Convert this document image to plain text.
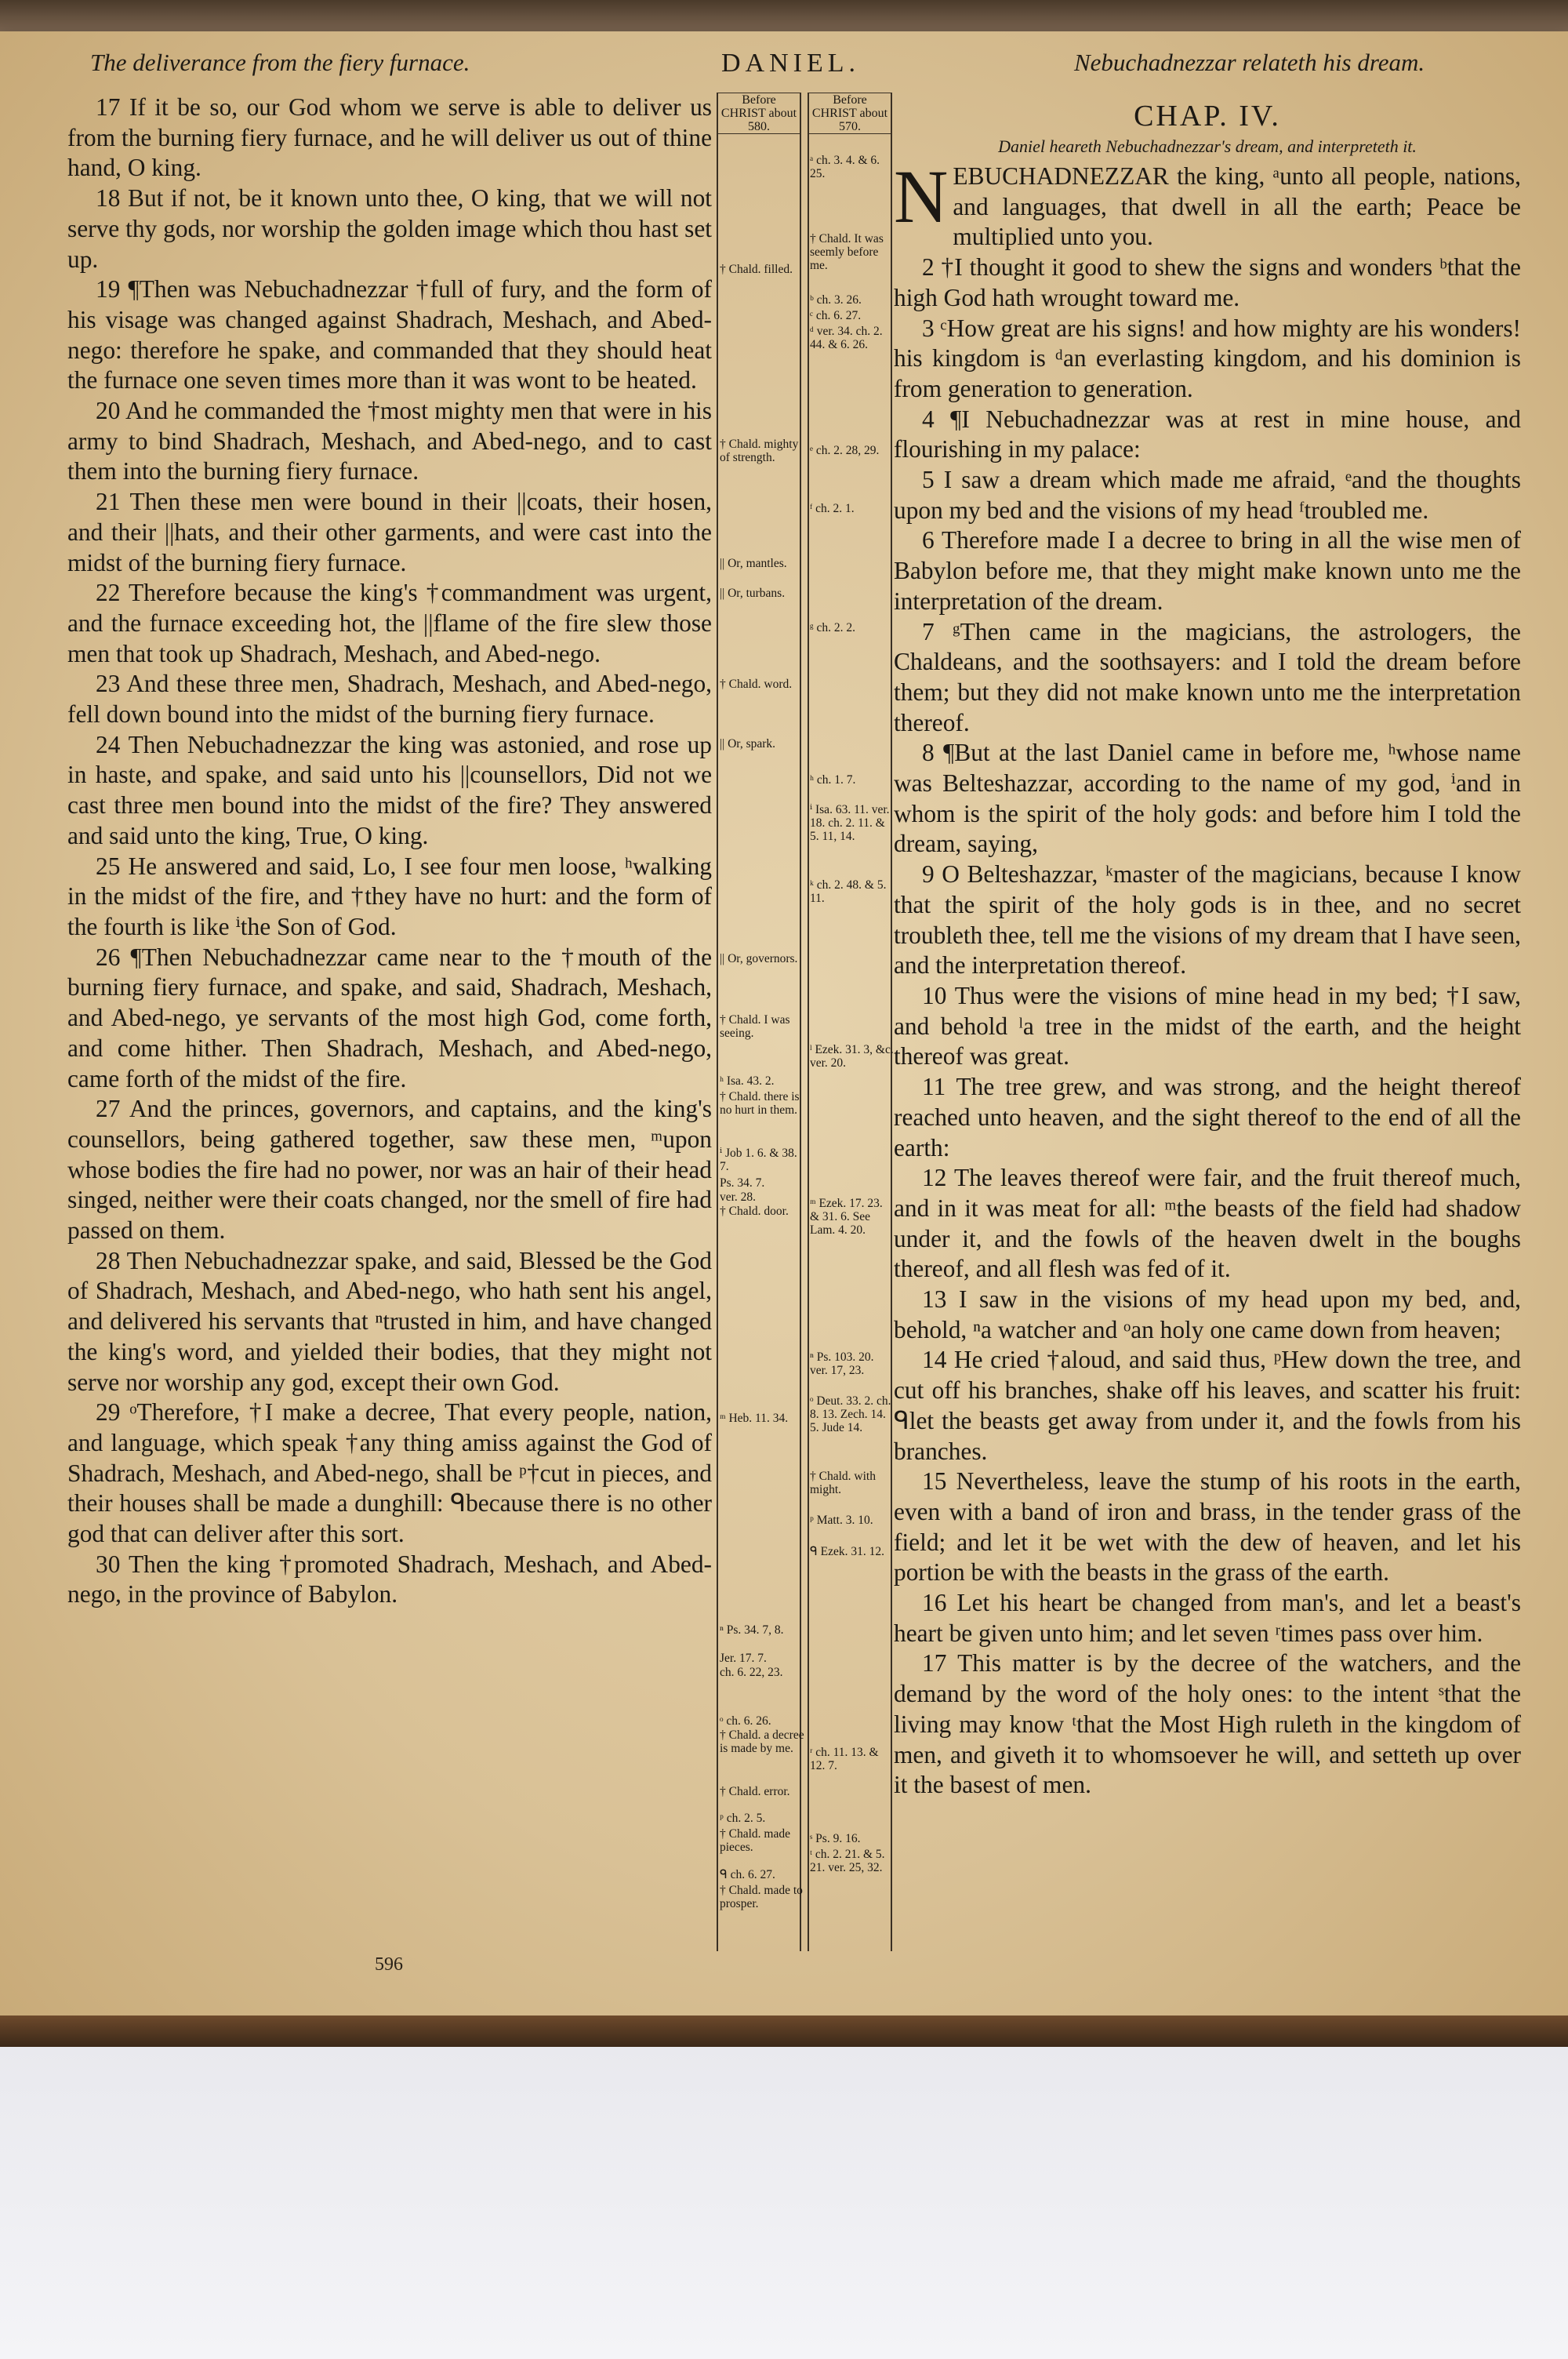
The deliverance from the fiery furnace.	DANIEL.	Nebuchadnezzar relateth his dream.
Before CHRIST about 580.
Before CHRIST about 570.

17 If it be so, our God whom we serve is able to deliver us from the burning fiery furnace, and he will deliver us out of thine hand, O king.

18 But if not, be it known unto thee, O king, that we will not serve thy gods, nor worship the golden image which thou hast set up.

19 ¶Then was Nebuchadnezzar †full of fury, and the form of his visage was changed against Shadrach, Meshach, and Abed-nego: therefore he spake, and commanded that they should heat the furnace one seven times more than it was wont to be heated.

20 And he commanded the †most mighty men that were in his army to bind Shadrach, Meshach, and Abed-nego, and to cast them into the burning fiery furnace.

21 Then these men were bound in their ||coats, their hosen, and their ||hats, and their other garments, and were cast into the midst of the burning fiery furnace.

22 Therefore because the king's †commandment was urgent, and the furnace exceeding hot, the ||flame of the fire slew those men that took up Shadrach, Meshach, and Abed-nego.

23 And these three men, Shadrach, Meshach, and Abed-nego, fell down bound into the midst of the burning fiery furnace.

24 Then Nebuchadnezzar the king was astonied, and rose up in haste, and spake, and said unto his ||counsellors, Did not we cast three men bound into the midst of the fire? They answered and said unto the king, True, O king.

25 He answered and said, Lo, I see four men loose, ʰwalking in the midst of the fire, and †they have no hurt: and the form of the fourth is like ⁱthe Son of God.

26 ¶Then Nebuchadnezzar came near to the †mouth of the burning fiery furnace, and spake, and said, Shadrach, Meshach, and Abed-nego, ye servants of the most high God, come forth, and come hither. Then Shadrach, Meshach, and Abed-nego, came forth of the midst of the fire.

27 And the princes, governors, and captains, and the king's counsellors, being gathered together, saw these men, ᵐupon whose bodies the fire had no power, nor was an hair of their head singed, neither were their coats changed, nor the smell of fire had passed on them.

28 Then Nebuchadnezzar spake, and said, Blessed be the God of Shadrach, Meshach, and Abed-nego, who hath sent his angel, and delivered his servants that ⁿtrusted in him, and have changed the king's word, and yielded their bodies, that they might not serve nor worship any god, except their own God.

29 ᵒTherefore, †I make a decree, That every people, nation, and language, which speak †any thing amiss against the God of Shadrach, Meshach, and Abed-nego, shall be ᵖ†cut in pieces, and their houses shall be made a dunghill: ᑫbecause there is no other god that can deliver after this sort.

30 Then the king †promoted Shadrach, Meshach, and Abed-nego, in the province of Babylon.

CHAP. IV.

Daniel heareth Nebuchadnezzar's dream, and interpreteth it.

NEBUCHADNEZZAR the king, ᵃunto all people, nations, and languages, that dwell in all the earth; Peace be multiplied unto you.

2 †I thought it good to shew the signs and wonders ᵇthat the high God hath wrought toward me.

3 ᶜHow great are his signs! and how mighty are his wonders! his kingdom is ᵈan everlasting kingdom, and his dominion is from generation to generation.

4 ¶I Nebuchadnezzar was at rest in mine house, and flourishing in my palace:

5 I saw a dream which made me afraid, ᵉand the thoughts upon my bed and the visions of my head ᶠtroubled me.

6 Therefore made I a decree to bring in all the wise men of Babylon before me, that they might make known unto me the interpretation of the dream.

7 ᵍThen came in the magicians, the astrologers, the Chaldeans, and the soothsayers: and I told the dream before them; but they did not make known unto me the interpretation thereof.

8 ¶But at the last Daniel came in before me, ʰwhose name was Belteshazzar, according to the name of my god, ⁱand in whom is the spirit of the holy gods: and before him I told the dream, saying,

9 O Belteshazzar, ᵏmaster of the magicians, because I know that the spirit of the holy gods is in thee, and no secret troubleth thee, tell me the visions of my dream that I have seen, and the interpretation thereof.

10 Thus were the visions of mine head in my bed; †I saw, and behold ˡa tree in the midst of the earth, and the height thereof was great.

11 The tree grew, and was strong, and the height thereof reached unto heaven, and the sight thereof to the end of all the earth:

12 The leaves thereof were fair, and the fruit thereof much, and in it was meat for all: ᵐthe beasts of the field had shadow under it, and the fowls of the heaven dwelt in the boughs thereof, and all flesh was fed of it.

13 I saw in the visions of my head upon my bed, and, behold, ⁿa watcher and ᵒan holy one came down from heaven;

14 He cried †aloud, and said thus, ᵖHew down the tree, and cut off his branches, shake off his leaves, and scatter his fruit: ᑫlet the beasts get away from under it, and the fowls from his branches.

15 Nevertheless, leave the stump of his roots in the earth, even with a band of iron and brass, in the tender grass of the field; and let it be wet with the dew of heaven, and let his portion be with the beasts in the grass of the earth.

16 Let his heart be changed from man's, and let a beast's heart be given unto him; and let seven ʳtimes pass over him.

17 This matter is by the decree of the watchers, and the demand by the word of the holy ones: to the intent ˢthat the living may know ᵗthat the Most High ruleth in the kingdom of men, and giveth it to whomsoever he will, and setteth up over it the basest of men.

† Chald. filled.
† Chald. mighty of strength.
|| Or, mantles.
|| Or, turbans.
† Chald. word.
|| Or, spark.
|| Or, governors.
† Chald. I was seeing.
ʰ Isa. 43. 2.
† Chald. there is no hurt in them.
ⁱ Job 1. 6. & 38. 7.
Ps. 34. 7.
ver. 28.
† Chald. door.
ᵐ Heb. 11. 34.
ⁿ Ps. 34. 7, 8.
Jer. 17. 7.
ch. 6. 22, 23.
ᵒ ch. 6. 26.
† Chald. a decree is made by me.
† Chald. error.
ᵖ ch. 2. 5.
† Chald. made pieces.
ᑫ ch. 6. 27.
† Chald. made to prosper.
ᵃ ch. 3. 4. & 6. 25.
† Chald. It was seemly before me.
ᵇ ch. 3. 26.
ᶜ ch. 6. 27.
ᵈ ver. 34. ch. 2. 44. & 6. 26.
ᵉ ch. 2. 28, 29.
ᶠ ch. 2. 1.
ᵍ ch. 2. 2.
ʰ ch. 1. 7.
ⁱ Isa. 63. 11. ver. 18. ch. 2. 11. & 5. 11, 14.
ᵏ ch. 2. 48. & 5. 11.
ˡ Ezek. 31. 3, &c. ver. 20.
ᵐ Ezek. 17. 23. & 31. 6. See Lam. 4. 20.
ⁿ Ps. 103. 20. ver. 17, 23.
ᵒ Deut. 33. 2. ch. 8. 13. Zech. 14. 5. Jude 14.
† Chald. with might.
ᵖ Matt. 3. 10.
ᑫ Ezek. 31. 12.
ʳ ch. 11. 13. & 12. 7.
ˢ Ps. 9. 16.
ᵗ ch. 2. 21. & 5. 21. ver. 25, 32.
596
